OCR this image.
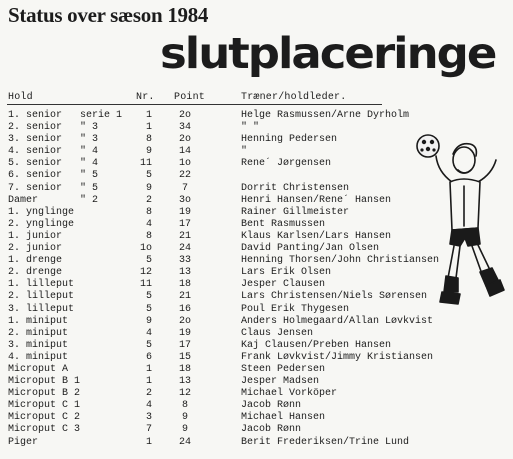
Status over sæson 1984
slutplaceringe
Hold	Nr. Point	Træner/holdleder.
1. senior serie 1	1	2o	Helge Rasmussen/Arne Dyrholm
2. senior " 3	1	34	" "
3. senior " 3	8	2o	Henning Pedersen
4. senior " 4	9	14	"
5. senior " 4	11	1o	Rene´ Jørgensen
6. senior " 5	5	22
7. senior " 5	9	7	Dorrit Christensen
Damer	" 2	2	3o	Henri Hansen/Rene´ Hansen
1. ynglinge	8	19	Rainer Gillmeister
2. ynglinge	4	17	Bent Rasmussen
1. junior	8	21	Klaus Karlsen/Lars Hansen
2. junior	1o	24	David Panting/Jan Olsen
1. drenge	5	33	Henning Thorsen/John Christiansen
2. drenge	12	13	Lars Erik Olsen
1. lilleput	11	18	Jesper Clausen
2. lilleput	5	21	Lars Christensen/Niels Sørensen
3. lilleput	5	16	Poul Erik Thygesen
1. miniput	9	2o	Anders Holmegaard/Allan Løvkvist
2. miniput	4	19	Claus Jensen
3. miniput	5	17	Kaj Clausen/Preben Hansen
4. miniput	6	15	Frank Løvkvist/Jimmy Kristiansen
Microput A	1	18	Steen Pedersen
Microput B 1	1	13	Jesper Madsen
Microput B 2	2	12	Michael Vorköper
Microput C 1	4	8	Jacob Rønn
Microput C 2	3	9	Michael Hansen
Microput C 3	7	9	Jacob Rønn
Piger	1	24	Berit Frederiksen/Trine Lund
